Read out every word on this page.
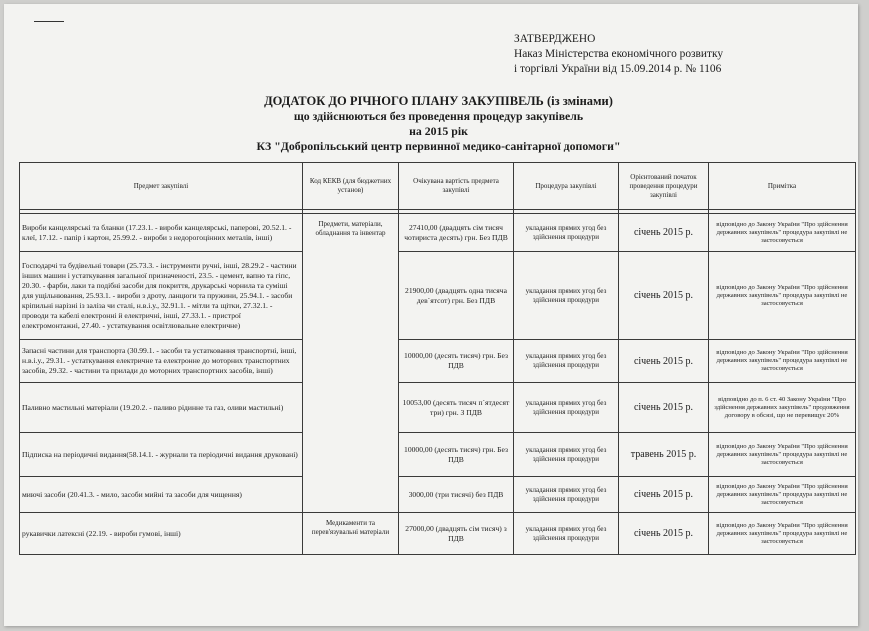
ЗАТВЕРДЖЕНО
Наказ Міністерства економічного розвитку
і торгівлі України від 15.09.2014 р. № 1106
ДОДАТОК ДО РІЧНОГО ПЛАНУ ЗАКУПІВЕЛЬ (із змінами)
що здійснюються без проведення процедур закупівель
на 2015 рік
КЗ "Добропільський центр первинної медико-санітарної допомоги"
Предмет закупівлі	Код КЕКВ (для бюджетних установ)	Очікувана вартість предмета закупівлі	Процедура закупівлі	Орієнтований початок проведення процедури закупівлі	Примітка

Вироби канцелярські та бланки (17.23.1. - вироби канцелярські, паперові, 20.52.1. - клеї, 17.12. - папір і картон, 25.99.2. - вироби з недорогоцінних металів, інші)	Предмети, матеріали, обладнання та інвентар	27410,00 (двадцять сім тисяч чотириста десять) грн. Без ПДВ	укладання прямих угод без здійснення процедури	січень 2015 р.	відповідно до Закону України "Про здійснення державних закупівель" процедура закупівлі не застосовується
Господарчі та будівельні товари (25.73.3. - інструменти ручні, інші, 28.29.2 - частини інших машин і устаткування загальної призначеності, 23.5. - цемент, вапно та гіпс, 20.30. - фарби, лаки та подібні засоби для покриття, друкарські чорнила та суміші для ущільнювання, 25.93.1. - вироби з дроту, ланцюги та пружини, 25.94.1. - засоби кріпильні нарізні із заліза чи сталі, н.в.і.у., 32.91.1. - мітли та щітки, 27.32.1. - проводи та кабелі електронні й електричні, інші, 27.33.1. - пристрої електромонтажні, 27.40. - устаткування освітлювальне електричне)		21900,00 (двадцять одна тисяча дев`ятсот) грн. Без ПДВ	укладання прямих угод без здійснення процедури	січень 2015 р.	відповідно до Закону України "Про здійснення державних закупівель" процедура закупівлі не застосовується
Запасні частини для транспорта (30.99.1. - засоби та устатковання транспортні, інші, н.в.і.у., 29.31. - устаткування електричне та електронне до моторних транспортних засобів, 29.32. - частини та прилади до моторних транспортних засобів, інші)		10000,00 (десять тисяч) грн. Без ПДВ	укладання прямих угод без здійснення процедури	січень 2015 р.	відповідно до Закону України "Про здійснення державних закупівель" процедура закупівлі не застосовується
Паливно мастильні матеріали (19.20.2. - паливо рідинне та газ, оливи мастильні)		10053,00 (десять тисяч п`ятдесят три) грн. З ПДВ	укладання прямих угод без здійснення процедури	січень 2015 р.	відповідно до п. 6 ст. 40 Закону України "Про здійснення державних закупівель" продовження договору в обсязі, що не перевищує 20%
Підписка на періодичні видання(58.14.1. - журнали та періодичні видання друковані)		10000,00 (десять тисяч) грн. Без ПДВ	укладання прямих угод без здійснення процедури	травень 2015 р.	відповідно до Закону України "Про здійснення державних закупівель" процедура закупівлі не застосовується
миючі засоби (20.41.3. - мило, засоби мийні та засоби для чищення)		3000,00 (три тисячі) без ПДВ	укладання прямих угод без здійснення процедури	січень 2015 р.	відповідно до Закону України "Про здійснення державних закупівель" процедура закупівлі не застосовується
рукавички латексні (22.19. - вироби гумові, інші)	Медикаменти та перев'язувальні матеріали	27000,00 (двадцять сім тисяч) з ПДВ	укладання прямих угод без здійснення процедури	січень 2015 р.	відповідно до Закону України "Про здійснення державних закупівель" процедура закупівлі не застосовується
